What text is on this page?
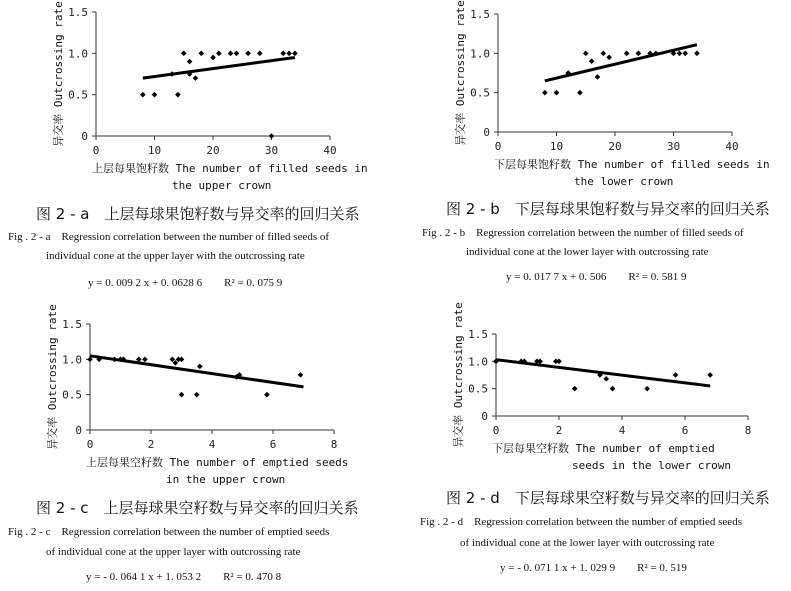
0
0.5
1.0
1.5
0	10	20	30	40
异交率 Outcrossing rate
上层每果饱籽数 The number of filled seeds in
the upper crown
图 2 - a　上层每球果饱籽数与异交率的回归关系
Fig . 2 - a　Regression correlation between the number of filled seeds of
individual cone at the upper layer with the outcrossing rate
y = 0. 009 2 x + 0. 0628 6　　R² = 0. 075 9
0
0.5
1.0
1.5
0	10	20	30	40
异交率 Outcrossing rate
下层每果饱籽数 The number of filled seeds in
the lower crown
图 2 - b　下层每球果饱籽数与异交率的回归关系
Fig . 2 - b　Regression correlation between the number of filled seeds of
individual cone at the lower layer with outcrossing rate
y = 0. 017 7 x + 0. 506　　R² = 0. 581 9
0
0.5
1.0
1.5
0	2	4	6	8
异交率 Outcrossing rate
上层每果空籽数 The number of emptied seeds
in the upper crown
图 2 - c　上层每球果空籽数与异交率的回归关系
Fig . 2 - c　Regression correlation between the number of emptied seeds
of individual cone at the upper layer with outcrossing rate
y = - 0. 064 1 x + 1. 053 2　　R² = 0. 470 8
0
0.5
1.0
1.5
0	2	4	6	8
异交率 Outcrossing rate
下层每果空籽数 The number of emptied
seeds in the lower crown
图 2 - d　下层每球果空籽数与异交率的回归关系
Fig . 2 - d　Regression correlation between the number of emptied seeds
of individual cone at the lower layer with outcrossing rate
y = - 0. 071 1 x + 1. 029 9　　R² = 0. 519
